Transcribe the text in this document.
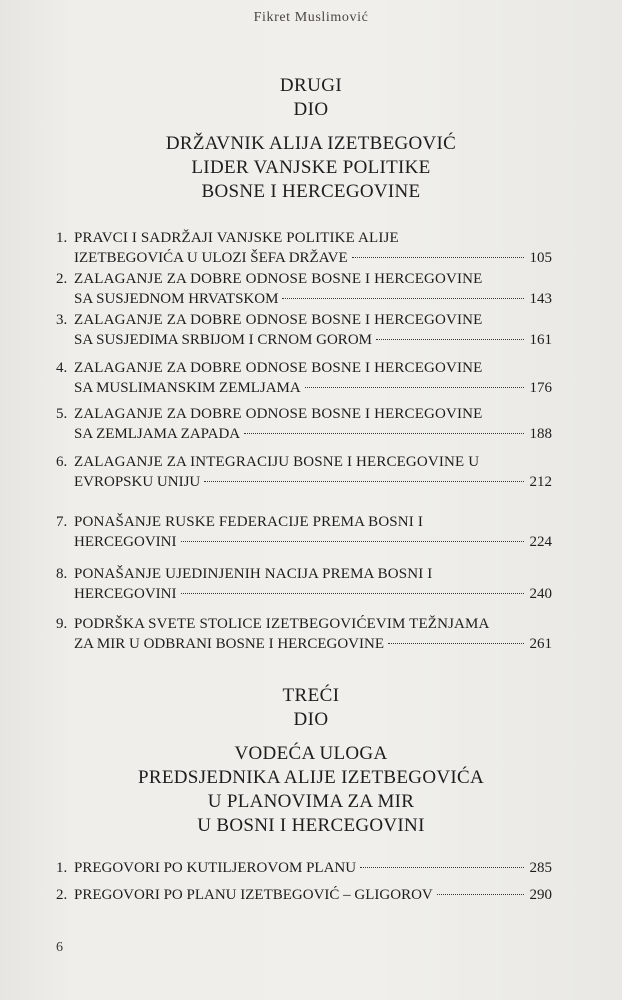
Fikret Muslimović
DRUGI
DIO
DRŽAVNIK ALIJA IZETBEGOVIĆ
LIDER VANJSKE POLITIKE
BOSNE I HERCEGOVINE
1. PRAVCI I SADRŽAJI VANJSKE POLITIKE ALIJE
IZETBEGOVIĆA U ULOZI ŠEFA DRŽAVE	105
2. ZALAGANJE ZA DOBRE ODNOSE BOSNE I HERCEGOVINE
SA SUSJEDNOM HRVATSKOM	143
3. ZALAGANJE ZA DOBRE ODNOSE BOSNE I HERCEGOVINE
SA SUSJEDIMA SRBIJOM I CRNOM GOROM	161
4. ZALAGANJE ZA DOBRE ODNOSE BOSNE I HERCEGOVINE
SA MUSLIMANSKIM ZEMLJAMA	176
5. ZALAGANJE ZA DOBRE ODNOSE BOSNE I HERCEGOVINE
SA ZEMLJAMA ZAPADA	188
6. ZALAGANJE ZA INTEGRACIJU BOSNE I HERCEGOVINE U
EVROPSKU UNIJU	212
7. PONAŠANJE RUSKE FEDERACIJE PREMA BOSNI I
HERCEGOVINI	224
8. PONAŠANJE UJEDINJENIH NACIJA PREMA BOSNI I
HERCEGOVINI	240
9. PODRŠKA SVETE STOLICE IZETBEGOVIĆEVIM TEŽNJAMA
ZA MIR U ODBRANI BOSNE I HERCEGOVINE	261
TREĆI
DIO
VODEĆA ULOGA
PREDSJEDNIKA ALIJE IZETBEGOVIĆA
U PLANOVIMA ZA MIR
U BOSNI I HERCEGOVINI
1. PREGOVORI PO KUTILJEROVOM PLANU	285
2. PREGOVORI PO PLANU IZETBEGOVIĆ – GLIGOROV	290
6
